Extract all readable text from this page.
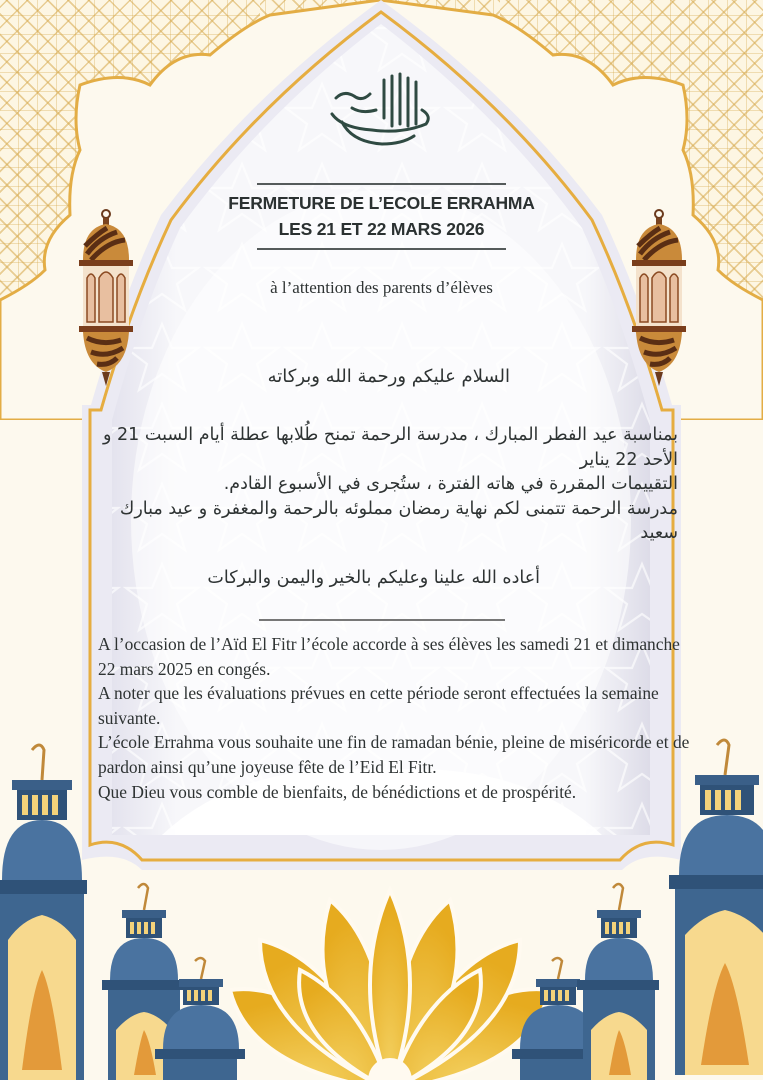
FERMETURE DE L’ECOLE ERRAHMA
LES 21 ET 22 MARS 2026
à l’attention des parents d’élèves
السلام عليكم ورحمة الله وبركاته

بمناسبة عيد الفطر المبارك ، مدرسة الرحمة تمنح طُلابها عطلة أيام السبت 21 و الأحد 22 يناير

التقييمات المقررة في هاته الفترة ، ستُجرى في الأسبوع القادم.

مدرسة الرحمة تتمنى لكم نهاية رمضان مملوئه بالرحمة والمغفرة و عيد مبارك سعيد

أعاده الله علينا وعليكم بالخير واليمن والبركات

A l’occasion de l’Aïd El Fitr l’école accorde à ses élèves les samedi 21 et dimanche 22 mars 2025 en congés.

A noter que les évaluations prévues en cette période seront effectuées la semaine suivante.

L’école Errahma vous souhaite une fin de ramadan bénie, pleine de miséricorde et de pardon ainsi qu’une joyeuse fête de l’Eid El Fitr.

Que Dieu vous comble de bienfaits, de bénédictions et de prospérité.
